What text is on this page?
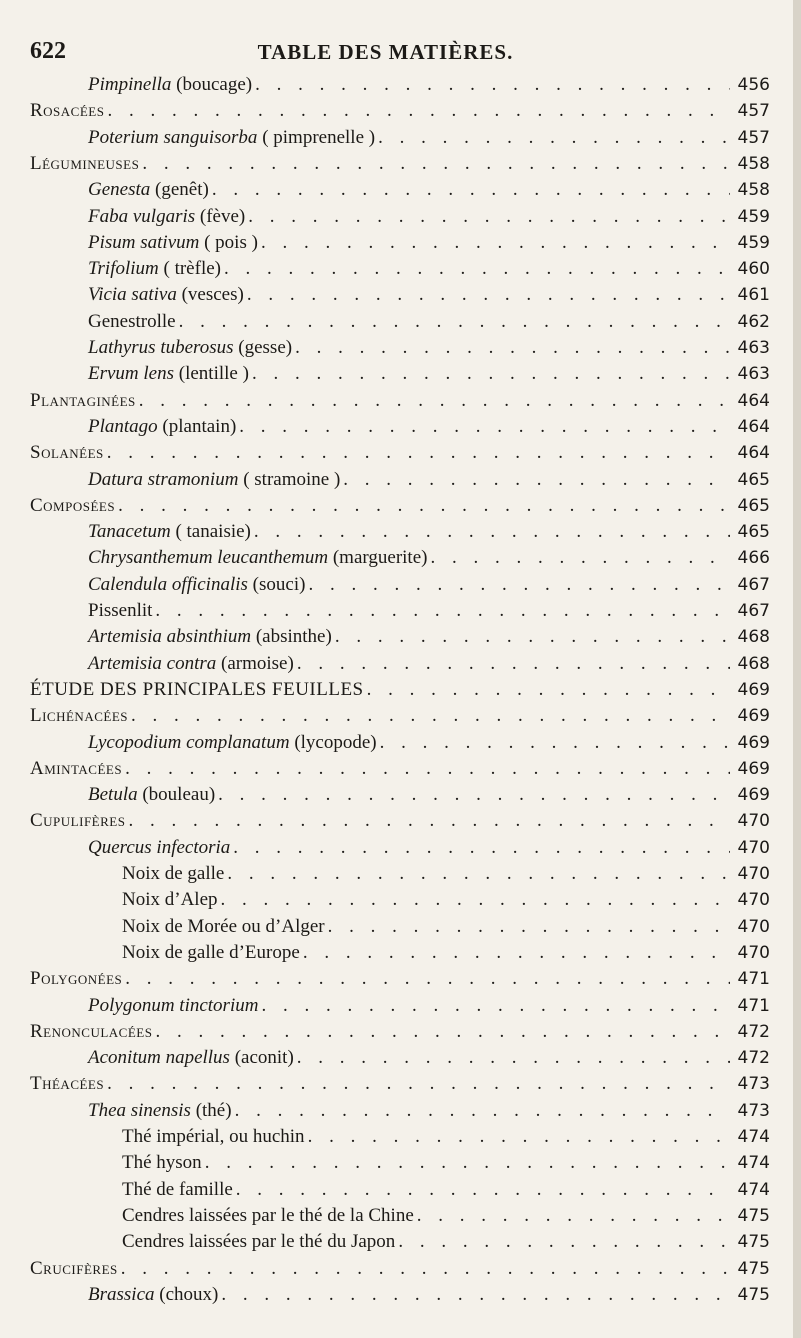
622	TABLE DES MATIÈRES.
Pimpinella (boucage) . . .	456
Rosacées . . .	457
Poterium sanguisorba ( pimprenelle ) . . .	457
Légumineuses . . .	458
Genesta (genêt) . . .	458
Faba vulgaris (fève) . . .	459
Pisum sativum ( pois ) . . .	459
Trifolium ( trèfle) . . .	460
Vicia sativa (vesces) . . .	461
Genestrolle . . .	462
Lathyrus tuberosus (gesse) . . .	463
Ervum lens (lentille ) . . .	463
Plantaginées . . .	464
Plantago (plantain) . . .	464
Solanées . . .	464
Datura stramonium ( stramoine ) . . .	465
Composées . . .	465
Tanacetum ( tanaisie) . . .	465
Chrysanthemum leucanthemum (marguerite) . . .	466
Calendula officinalis (souci) . . .	467
Pissenlit . . .	467
Artemisia absinthium (absinthe) . . .	468
Artemisia contra (armoise) . . .	468
ÉTUDE DES PRINCIPALES FEUILLES . . .	469
Lichénacées . . .	469
Lycopodium complanatum (lycopode) . . .	469
Amintacées . . .	469
Betula (bouleau) . . .	469
Cupulifères . . .	470
Quercus infectoria . . .	470
Noix de galle . . .	470
Noix d’Alep . . .	470
Noix de Morée ou d’Alger . . .	470
Noix de galle d’Europe . . .	470
Polygonées . . .	471
Polygonum tinctorium . . .	471
Renonculacées . . .	472
Aconitum napellus (aconit) . . .	472
Théacées . . .	473
Thea sinensis (thé) . . .	473
Thé impérial, ou huchin . . .	474
Thé hyson . . .	474
Thé de famille . . .	474
Cendres laissées par le thé de la Chine . . .	475
Cendres laissées par le thé du Japon . . .	475
Crucifères . . .	475
Brassica (choux) . . .	475
